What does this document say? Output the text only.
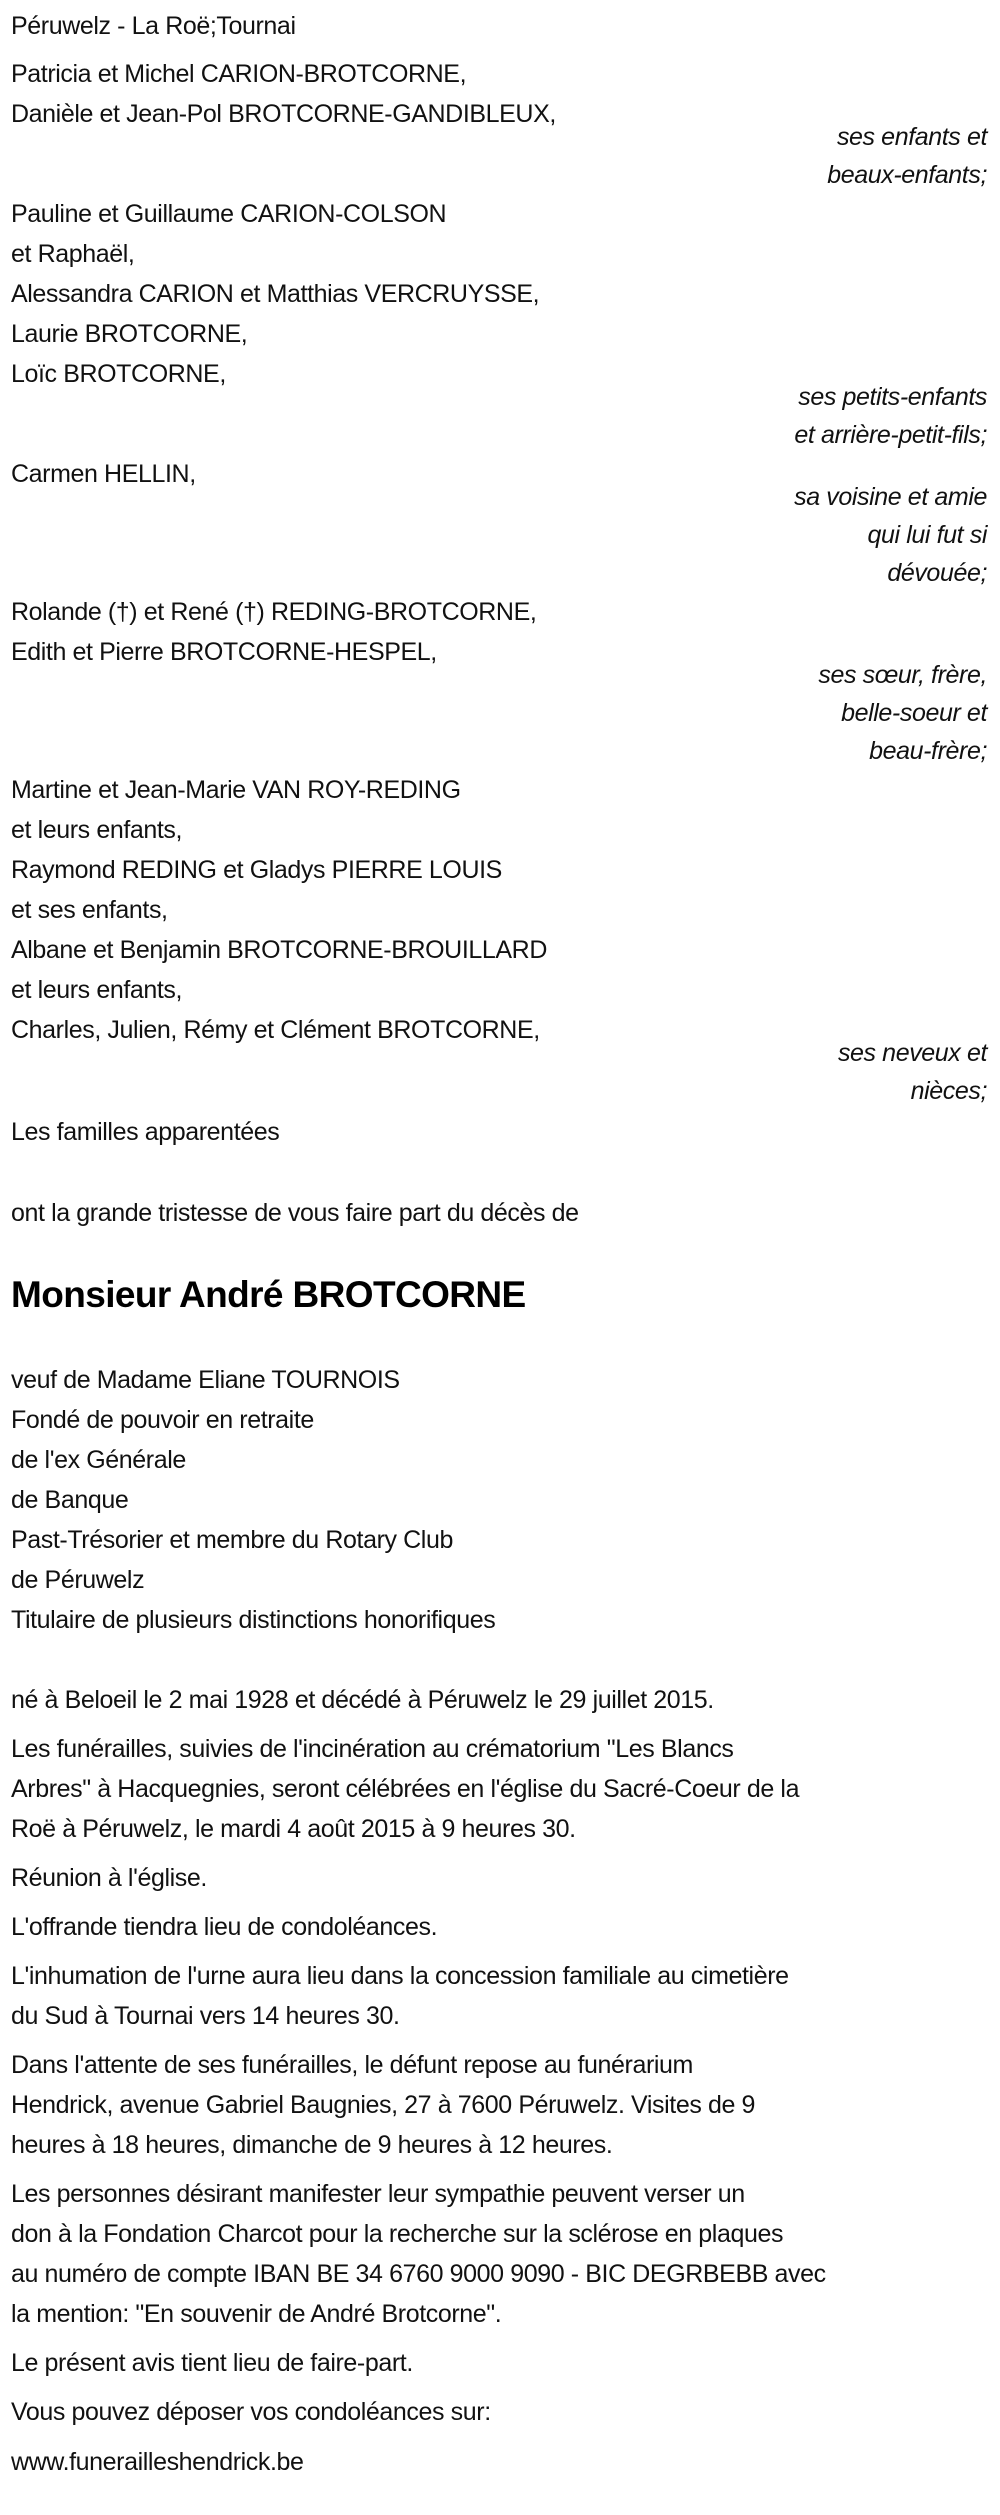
Péruwelz - La Roë;Tournai
Patricia et Michel CARION-BROTCORNE,
Danièle et Jean-Pol BROTCORNE-GANDIBLEUX,
ses enfants et
beaux-enfants;
Pauline et Guillaume CARION-COLSON
et Raphaël,
Alessandra CARION et Matthias VERCRUYSSE,
Laurie BROTCORNE,
Loïc BROTCORNE,
ses petits-enfants
et arrière-petit-fils;
Carmen HELLIN,
sa voisine et amie
qui lui fut si
dévouée;
Rolande (†) et René (†) REDING-BROTCORNE,
Edith et Pierre BROTCORNE-HESPEL,
ses sœur, frère,
belle-soeur et
beau-frère;
Martine et Jean-Marie VAN ROY-REDING
et leurs enfants,
Raymond REDING et Gladys PIERRE LOUIS
et ses enfants,
Albane et Benjamin BROTCORNE-BROUILLARD
et leurs enfants,
Charles, Julien, Rémy et Clément BROTCORNE,
ses neveux et
nièces;
Les familles apparentées
ont la grande tristesse de vous faire part du décès de
Monsieur André BROTCORNE
veuf de Madame Eliane TOURNOIS
Fondé de pouvoir en retraite
de l'ex Générale
de Banque
Past-Trésorier et membre du Rotary Club
de Péruwelz
Titulaire de plusieurs distinctions honorifiques
né à Beloeil le 2 mai 1928 et décédé à Péruwelz le 29 juillet 2015.
Les funérailles, suivies de l'incinération au crématorium "Les Blancs
Arbres" à Hacquegnies, seront célébrées en l'église du Sacré-Coeur de la
Roë à Péruwelz, le mardi 4 août 2015 à 9 heures 30.
Réunion à l'église.
L'offrande tiendra lieu de condoléances.
L'inhumation de l'urne aura lieu dans la concession familiale au cimetière
du Sud à Tournai vers 14 heures 30.
Dans l'attente de ses funérailles, le défunt repose au funérarium
Hendrick, avenue Gabriel Baugnies, 27 à 7600 Péruwelz. Visites de 9
heures à 18 heures, dimanche de 9 heures à 12 heures.
Les personnes désirant manifester leur sympathie peuvent verser un
don à la Fondation Charcot pour la recherche sur la sclérose en plaques
au numéro de compte IBAN BE 34 6760 9000 9090 - BIC DEGRBEBB avec
la mention: "En souvenir de André Brotcorne".
Le présent avis tient lieu de faire-part.
Vous pouvez déposer vos condoléances sur:
www.funerailleshendrick.be
